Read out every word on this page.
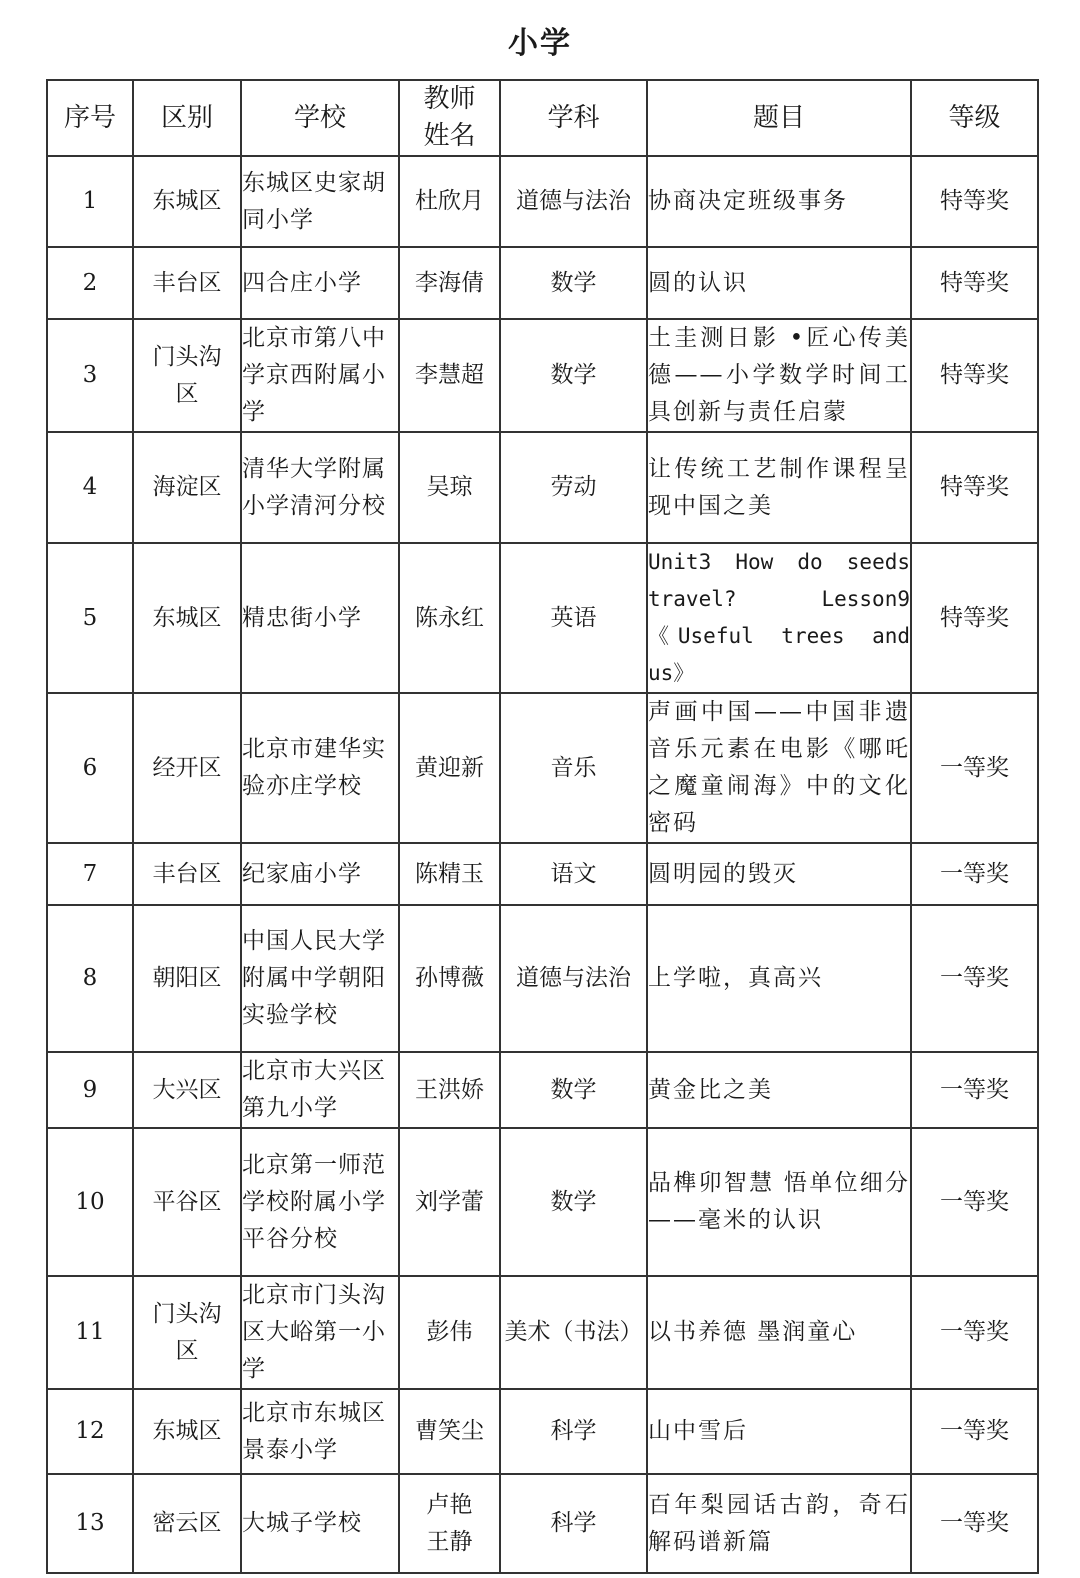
小学
序号	区别	学校	教师姓名	学科	题目	等级
1	东城区	东城区史家胡同小学	杜欣月	道德与法治	协商决定班级事务	特等奖
2	丰台区	四合庄小学	李海倩	数学	圆的认识	特等奖
3	门头沟区	北京市第八中学京西附属小学	李慧超	数学	土圭测日影 •匠心传美德——小学数学时间工具创新与责任启蒙	特等奖
4	海淀区	清华大学附属小学清河分校	吴琼	劳动	让传统工艺制作课程呈现中国之美	特等奖
5	东城区	精忠街小学	陈永红	英语	Unit3 How do seeds travel? Lesson9 《Useful trees and us》	特等奖
6	经开区	北京市建华实验亦庄学校	黄迎新	音乐	声画中国——中国非遗音乐元素在电影《哪吒之魔童闹海》中的文化密码	一等奖
7	丰台区	纪家庙小学	陈精玉	语文	圆明园的毁灭	一等奖
8	朝阳区	中国人民大学附属中学朝阳实验学校	孙博薇	道德与法治	上学啦，真高兴	一等奖
9	大兴区	北京市大兴区第九小学	王洪娇	数学	黄金比之美	一等奖
10	平谷区	北京第一师范学校附属小学平谷分校	刘学蕾	数学	品榫卯智慧 悟单位细分——毫米的认识	一等奖
11	门头沟区	北京市门头沟区大峪第一小学	彭伟	美术（书法）	以书养德 墨润童心	一等奖
12	东城区	北京市东城区景泰小学	曹笑尘	科学	山中雪后	一等奖
13	密云区	大城子学校	卢艳 王静	科学	百年梨园话古韵，奇石解码谱新篇	一等奖
